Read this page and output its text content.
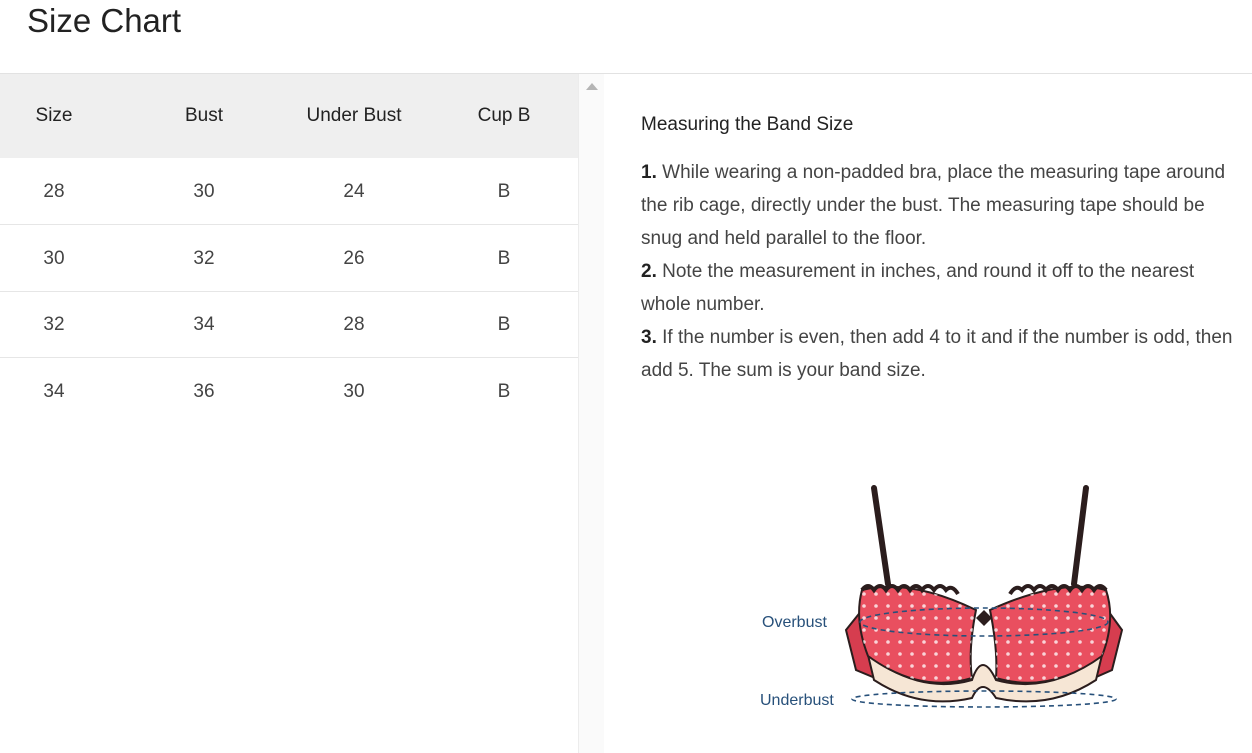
Size Chart
Size	Bust	Under Bust	Cup B
28	30	24	B
30	32	26	B
32	34	28	B
34	36	30	B
Measuring the Band Size
1. While wearing a non-padded bra, place the measuring tape around the rib cage, directly under the bust. The measuring tape should be snug and held parallel to the floor.
2. Note the measurement in inches, and round it off to the nearest whole number.
3. If the number is even, then add 4 to it and if the number is odd, then add 5. The sum is your band size.
Overbust
Underbust
